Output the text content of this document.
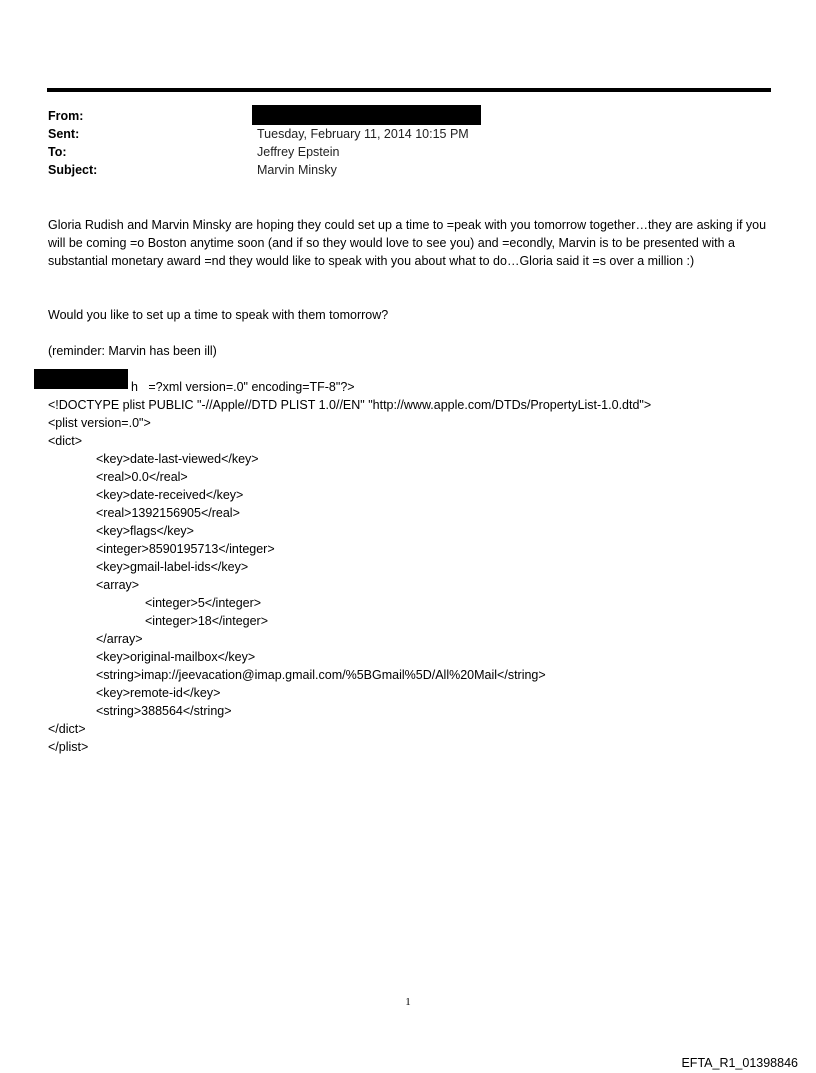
From:
Sent:	Tuesday, February 11, 2014 10:15 PM
To:	Jeffrey Epstein
Subject:	Marvin Minsky
Gloria Rudish and Marvin Minsky are hoping they could set up a time to =peak with you tomorrow together…they are asking if you will be coming =o Boston anytime soon (and if so they would love to see you) and =econdly, Marvin is to be presented with a substantial monetary award =nd they would like to speak with you about what to do…Gloria said it =s over a million :)
Would you like to set up a time to speak with them tomorrow?
(reminder: Marvin has been ill)
h   =?xml version=.0" encoding=TF-8"?>
<!DOCTYPE plist PUBLIC "-//Apple//DTD PLIST 1.0//EN" "http://www.apple.com/DTDs/PropertyList-1.0.dtd">
<plist version=.0">
<dict>
<key>date-last-viewed</key>
<real>0.0</real>
<key>date-received</key>
<real>1392156905</real>
<key>flags</key>
<integer>8590195713</integer>
<key>gmail-label-ids</key>
<array>
<integer>5</integer>
<integer>18</integer>
</array>
<key>original-mailbox</key>
<string>imap://jeevacation@imap.gmail.com/%5BGmail%5D/All%20Mail</string>
<key>remote-id</key>
<string>388564</string>
</dict>
</plist>
1
EFTA_R1_01398846
